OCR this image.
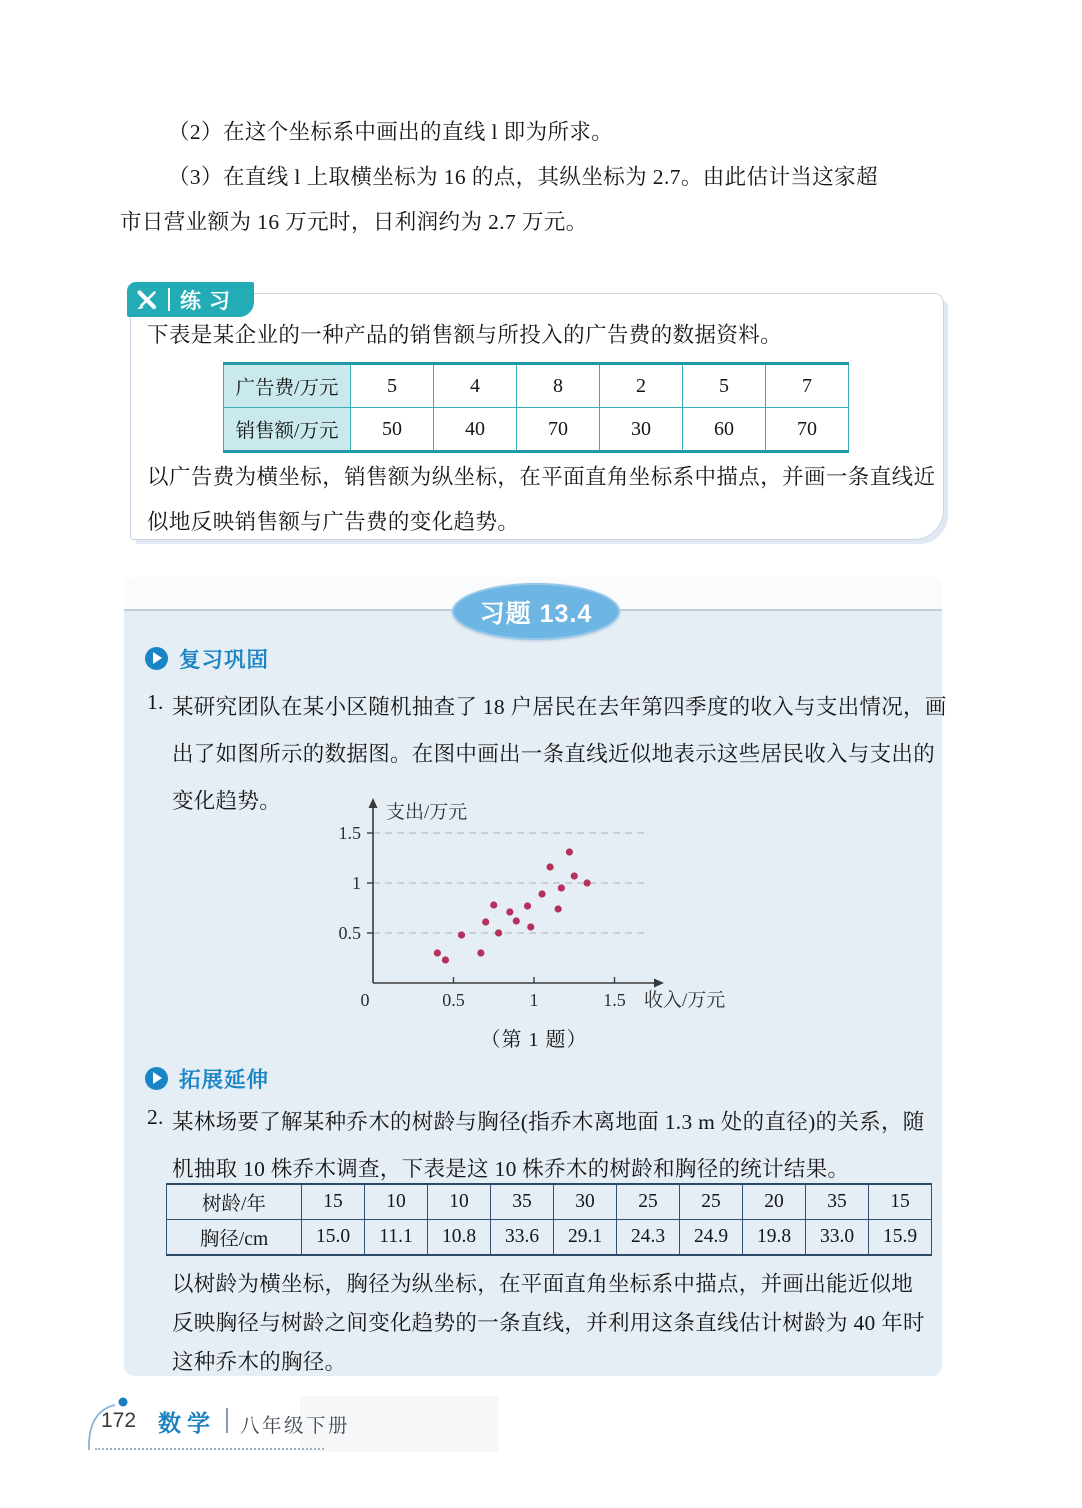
（2）在这个坐标系中画出的直线 l 即为所求。
（3）在直线 l 上取横坐标为 16 的点，其纵坐标为 2.7。由此估计当这家超
市日营业额为 16 万元时，日利润约为 2.7 万元。
练习
下表是某企业的一种产品的销售额与所投入的广告费的数据资料。
广告费/万元	5	4	8	2	5	7
销售额/万元	50	40	70	30	60	70
以广告费为横坐标，销售额为纵坐标，在平面直角坐标系中描点，并画一条直线近
似地反映销售额与广告费的变化趋势。
习题 13.4
复习巩固
1. 某研究团队在某小区随机抽查了 18 户居民在去年第四季度的收入与支出情况，画
出了如图所示的数据图。在图中画出一条直线近似地表示这些居民收入与支出的
变化趋势。
0	0.5	1	1.5
0.5
1
1.5
支出/万元
收入/万元
（第 1 题）
拓展延伸
2. 某林场要了解某种乔木的树龄与胸径(指乔木离地面 1.3 m 处的直径)的关系，随
机抽取 10 株乔木调查，下表是这 10 株乔木的树龄和胸径的统计结果。
树龄/年	15	10	10	35	30	25	25	20	35	15
胸径/cm	15.0	11.1	10.8	33.6	29.1	24.3	24.9	19.8	33.0	15.9
以树龄为横坐标，胸径为纵坐标，在平面直角坐标系中描点，并画出能近似地
反映胸径与树龄之间变化趋势的一条直线，并利用这条直线估计树龄为 40 年时
这种乔木的胸径。
172 数学 八年级下册
